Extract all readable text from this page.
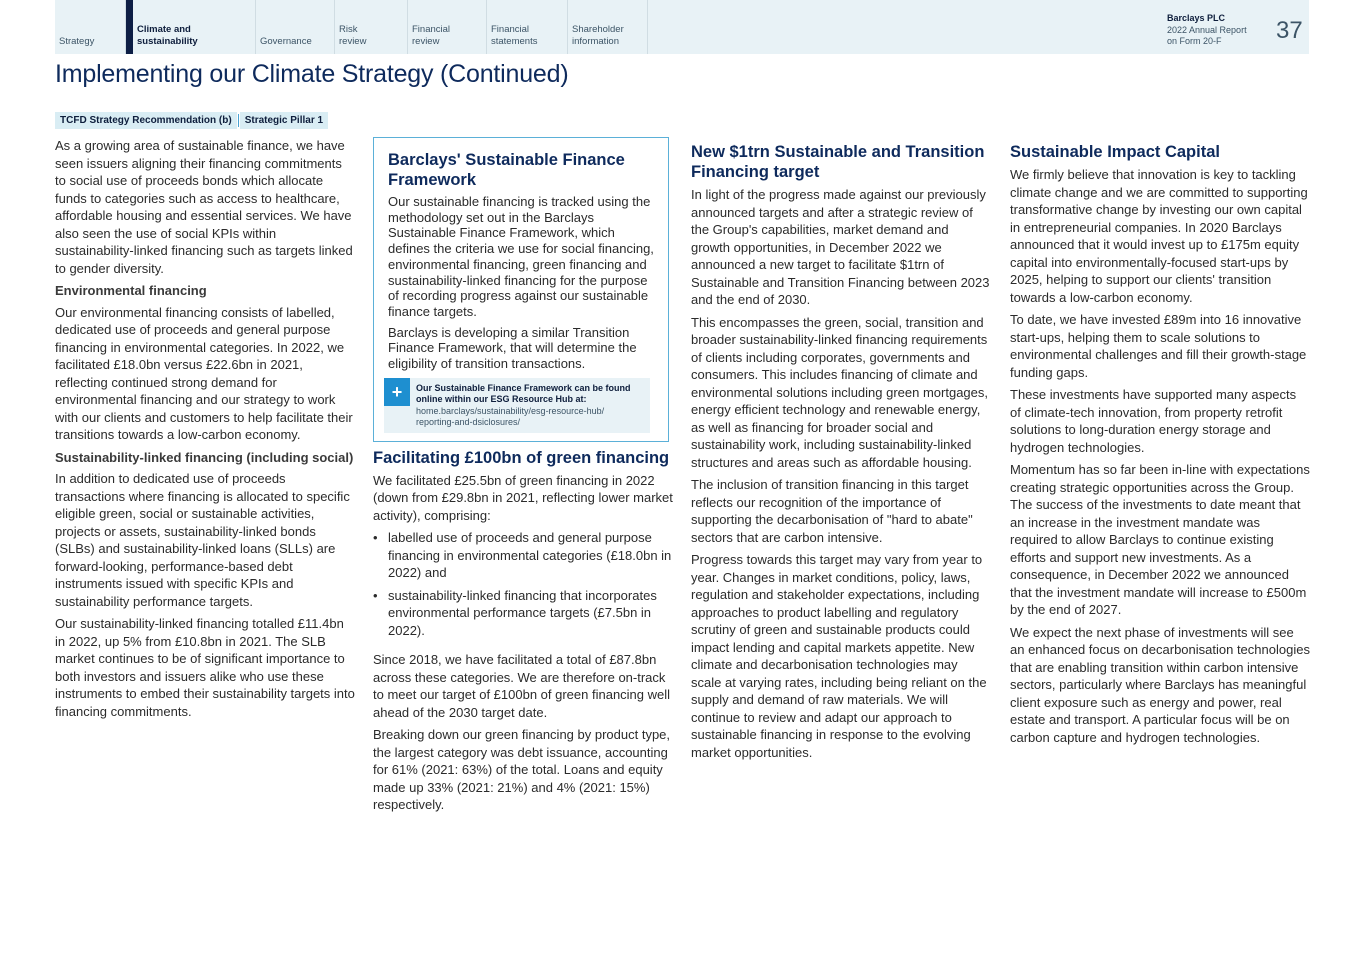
Strategy
Climate and
sustainability	Governance
Risk
review
Financial
review
Financial
statements
Shareholder
information
Barclays PLC
2022 Annual Report
on Form 20-F	37
Implementing our Climate Strategy (Continued)
TCFD Strategy Recommendation (b)	Strategic Pillar 1

As a growing area of sustainable finance, we have seen issuers aligning their financing commitments to social use of proceeds bonds which allocate funds to categories such as access to healthcare, affordable housing and essential services. We have also seen the use of social KPIs within sustainability-linked financing such as targets linked to gender diversity.

Environmental financing

Our environmental financing consists of labelled, dedicated use of proceeds and general purpose financing in environmental categories. In 2022, we facilitated £18.0bn versus £22.6bn in 2021, reflecting continued strong demand for environmental financing and our strategy to work with our clients and customers to help facilitate their transitions towards a low-carbon economy.

Sustainability-linked financing (including social)

In addition to dedicated use of proceeds transactions where financing is allocated to specific eligible green, social or sustainable activities, projects or assets, sustainability-linked bonds (SLBs) and sustainability-linked loans (SLLs) are forward-looking, performance-based debt instruments issued with specific KPIs and sustainability performance targets.

Our sustainability-linked financing totalled £11.4bn in 2022, up 5% from £10.8bn in 2021. The SLB market continues to be of significant importance to both investors and issuers alike who use these instruments to embed their sustainability targets into financing commitments.

Barclays' Sustainable Finance Framework

Our sustainable financing is tracked using the methodology set out in the Barclays Sustainable Finance Framework, which defines the criteria we use for social financing, environmental financing, green financing and sustainability-linked financing for the purpose of recording progress against our sustainable finance targets.

Barclays is developing a similar Transition Finance Framework, that will determine the eligibility of transition transactions.

+	Our Sustainable Finance Framework can be found online within our ESG Resource Hub at:
home.barclays/sustainability/esg-resource-hub/
reporting-and-dsiclosures/
Facilitating £100bn of green financing

We facilitated £25.5bn of green financing in 2022 (down from £29.8bn in 2021, reflecting lower market activity), comprising:

• labelled use of proceeds and general purpose financing in environmental categories (£18.0bn in 2022) and
• sustainability-linked financing that incorporates environmental performance targets (£7.5bn in 2022).

Since 2018, we have facilitated a total of £87.8bn across these categories. We are therefore on-track to meet our target of £100bn of green financing well ahead of the 2030 target date.

Breaking down our green financing by product type, the largest category was debt issuance, accounting for 61% (2021: 63%) of the total. Loans and equity made up 33% (2021: 21%) and 4% (2021: 15%) respectively.

New $1trn Sustainable and Transition Financing target

In light of the progress made against our previously announced targets and after a strategic review of the Group's capabilities, market demand and growth opportunities, in December 2022 we announced a new target to facilitate $1trn of Sustainable and Transition Financing between 2023 and the end of 2030.

This encompasses the green, social, transition and broader sustainability-linked financing requirements of clients including corporates, governments and consumers. This includes financing of climate and environmental solutions including green mortgages, energy efficient technology and renewable energy, as well as financing for broader social and sustainability work, including sustainability-linked structures and areas such as affordable housing.

The inclusion of transition financing in this target reflects our recognition of the importance of supporting the decarbonisation of "hard to abate" sectors that are carbon intensive.

Progress towards this target may vary from year to year. Changes in market conditions, policy, laws, regulation and stakeholder expectations, including approaches to product labelling and regulatory scrutiny of green and sustainable products could impact lending and capital markets appetite. New climate and decarbonisation technologies may scale at varying rates, including being reliant on the supply and demand of raw materials. We will continue to review and adapt our approach to sustainable financing in response to the evolving market opportunities.

Sustainable Impact Capital

We firmly believe that innovation is key to tackling climate change and we are committed to supporting transformative change by investing our own capital in entrepreneurial companies. In 2020 Barclays announced that it would invest up to £175m equity capital into environmentally-focused start-ups by 2025, helping to support our clients' transition towards a low-carbon economy.

To date, we have invested £89m into 16 innovative start-ups, helping them to scale solutions to environmental challenges and fill their growth-stage funding gaps.

These investments have supported many aspects of climate-tech innovation, from property retrofit solutions to long-duration energy storage and hydrogen technologies.

Momentum has so far been in-line with expectations creating strategic opportunities across the Group. The success of the investments to date meant that an increase in the investment mandate was required to allow Barclays to continue existing efforts and support new investments. As a consequence, in December 2022 we announced that the investment mandate will increase to £500m by the end of 2027.

We expect the next phase of investments will see an enhanced focus on decarbonisation technologies that are enabling transition within carbon intensive sectors, particularly where Barclays has meaningful client exposure such as energy and power, real estate and transport. A particular focus will be on carbon capture and hydrogen technologies.
